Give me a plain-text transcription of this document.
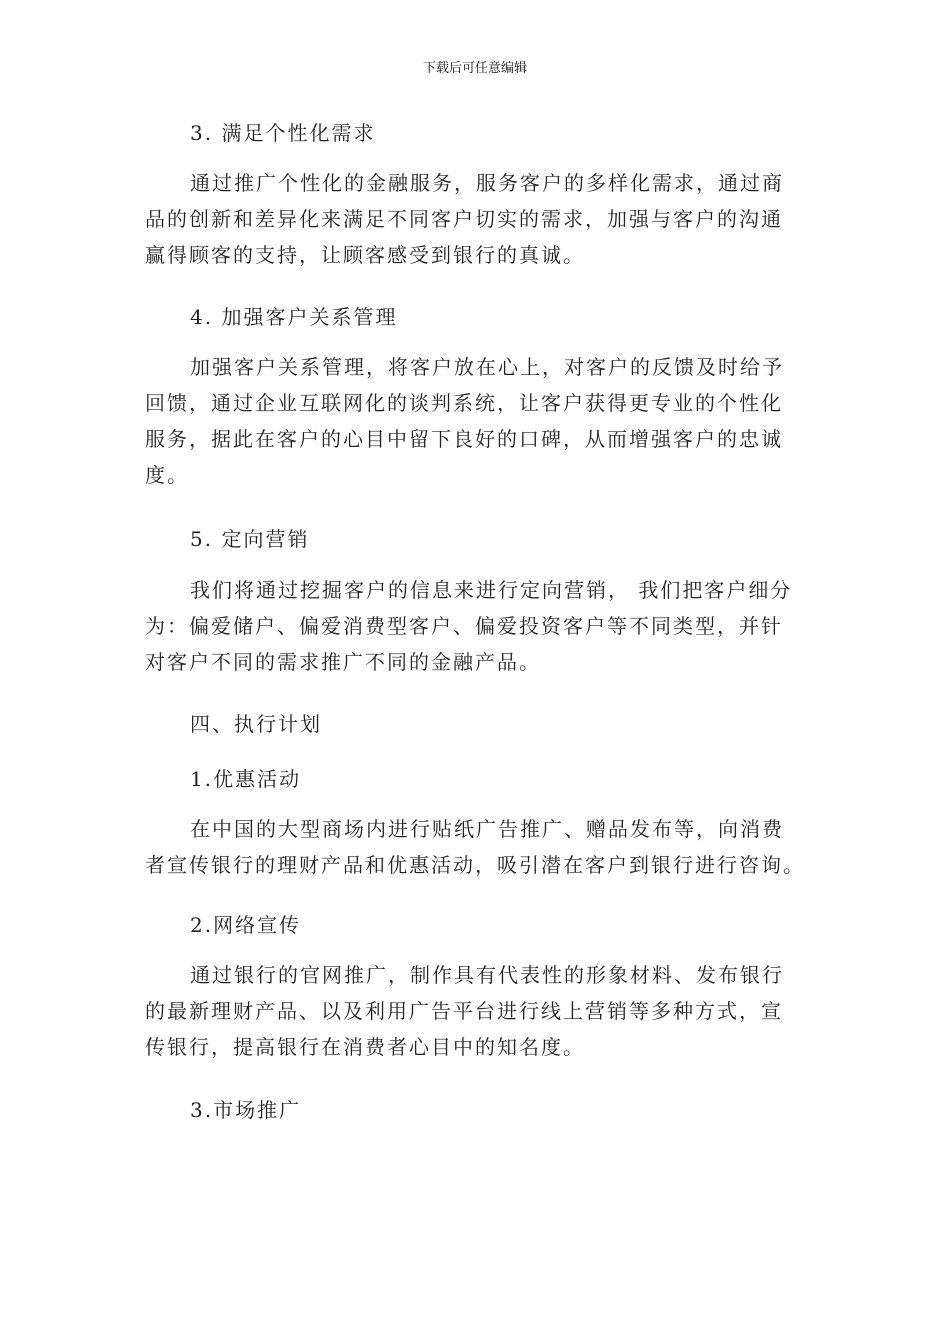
下载后可任意编辑
3. 满足个性化需求
通过推广个性化的金融服务，服务客户的多样化需求，通过商
品的创新和差异化来满足不同客户切实的需求，加强与客户的沟通
赢得顾客的支持，让顾客感受到银行的真诚。
4. 加强客户关系管理
加强客户关系管理，将客户放在心上，对客户的反馈及时给予
回馈，通过企业互联网化的谈判系统，让客户获得更专业的个性化
服务，据此在客户的心目中留下良好的口碑，从而增强客户的忠诚
度。
5. 定向营销
我们将通过挖掘客户的信息来进行定向营销， 我们把客户细分
为：偏爱储户、偏爱消费型客户、偏爱投资客户等不同类型，并针
对客户不同的需求推广不同的金融产品。
四、执行计划
1.优惠活动
在中国的大型商场内进行贴纸广告推广、赠品发布等，向消费
者宣传银行的理财产品和优惠活动，吸引潜在客户到银行进行咨询。
2.网络宣传
通过银行的官网推广，制作具有代表性的形象材料、发布银行
的最新理财产品、以及利用广告平台进行线上营销等多种方式，宣
传银行，提高银行在消费者心目中的知名度。
3.市场推广
